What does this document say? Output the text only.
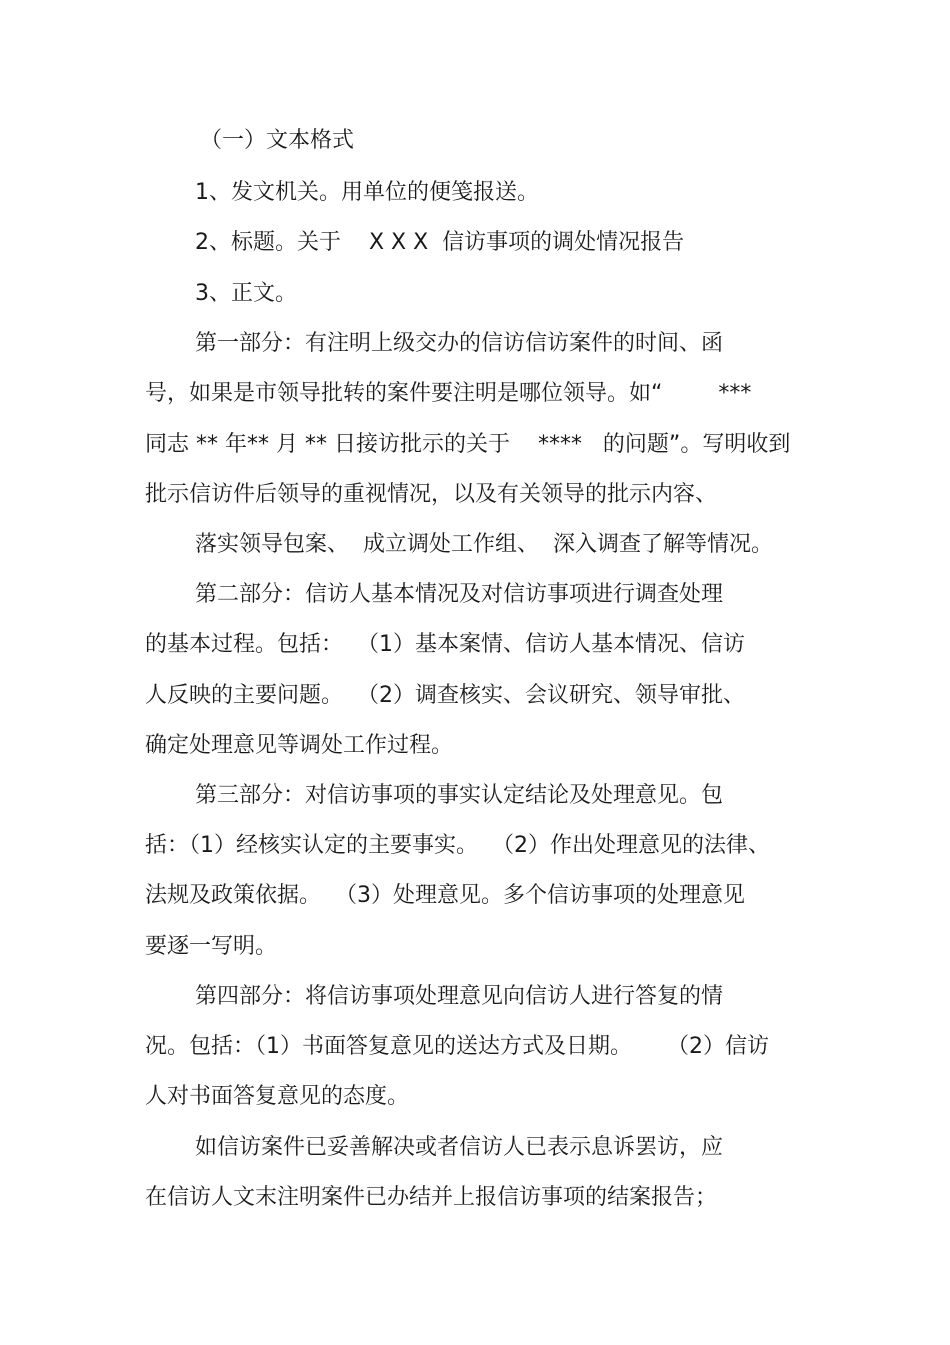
（一）文本格式
1、发文机关。用单位的便笺报送。
2、标题。关于    X X X  信访事项的调处情况报告
3、正文。
第一部分：有注明上级交办的信访信访案件的时间、函
号，如果是市领导批转的案件要注明是哪位领导。如“        ***
同志 ** 年** 月 ** 日接访批示的关于    ****   的问题”。写明收到
批示信访件后领导的重视情况，以及有关领导的批示内容、
落实领导包案、  成立调处工作组、  深入调查了解等情况。
第二部分：信访人基本情况及对信访事项进行调查处理
的基本过程。包括：  （1）基本案情、信访人基本情况、信访
人反映的主要问题。  （2）调查核实、会议研究、领导审批、
确定处理意见等调处工作过程。
第三部分：对信访事项的事实认定结论及处理意见。包
括：（1）经核实认定的主要事实。  （2）作出处理意见的法律、
法规及政策依据。  （3）处理意见。多个信访事项的处理意见
要逐一写明。
第四部分：将信访事项处理意见向信访人进行答复的情
况。包括：（1）书面答复意见的送达方式及日期。     （2）信访
人对书面答复意见的态度。
如信访案件已妥善解决或者信访人已表示息诉罢访，应
在信访人文末注明案件已办结并上报信访事项的结案报告；
